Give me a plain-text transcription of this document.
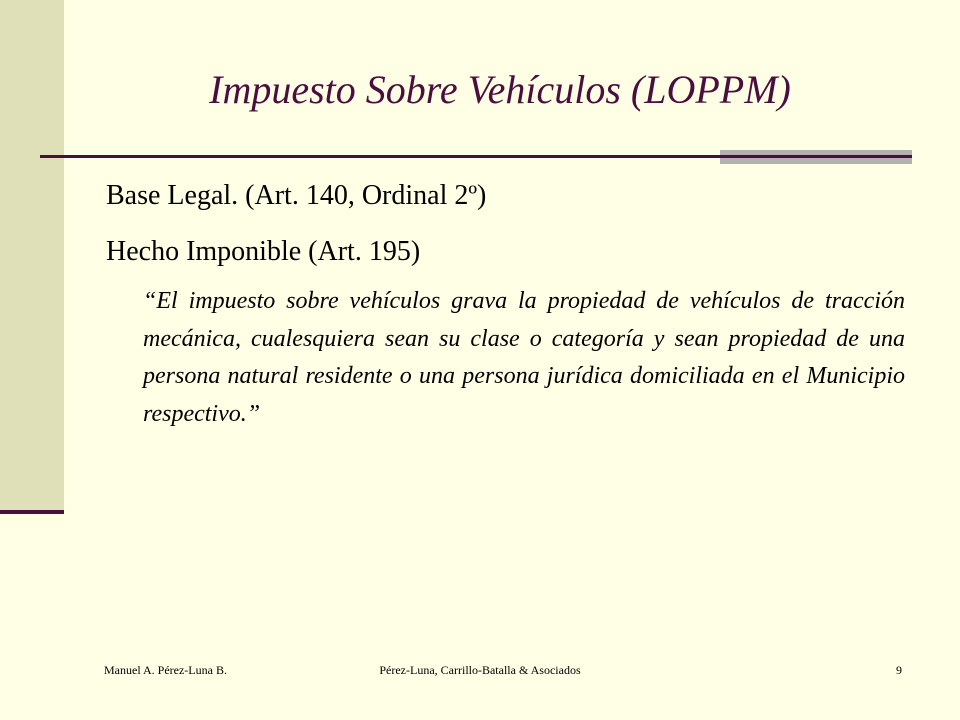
Impuesto Sobre Vehículos (LOPPM)
Base Legal. (Art. 140, Ordinal 2º)
Hecho Imponible (Art. 195)
“El impuesto sobre vehículos grava la propiedad de vehículos de tracción mecánica, cualesquiera sean su clase o categoría y sean propiedad de una persona natural residente o una persona jurídica domiciliada en el Municipio respectivo.”
Manuel A. Pérez-Luna B.	Pérez-Luna, Carrillo-Batalla & Asociados	9
